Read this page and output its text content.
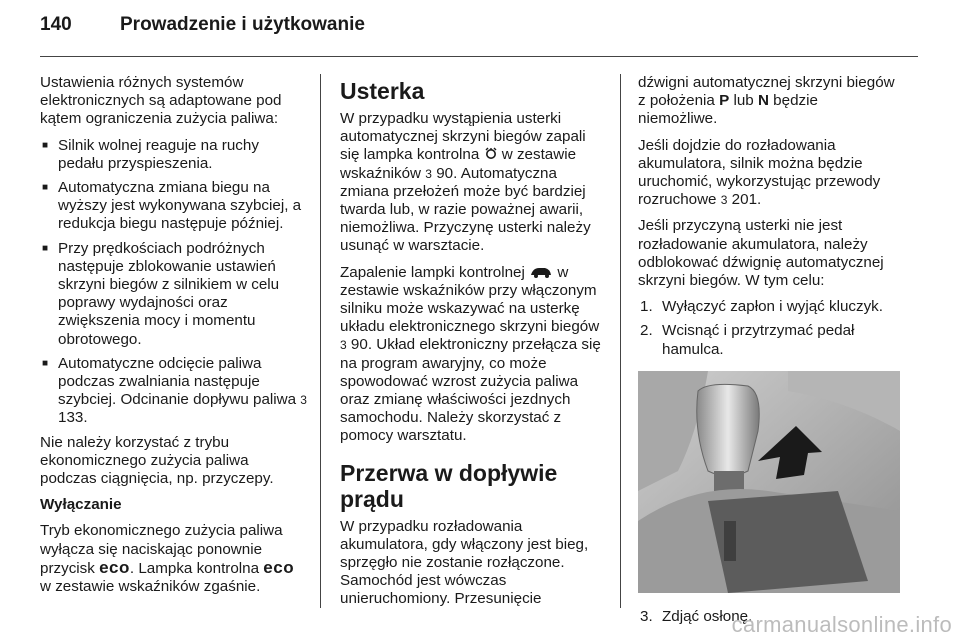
140	Prowadzenie i użytkowanie

Ustawienia różnych systemów elektronicznych są adaptowane pod kątem ograniczenia zużycia paliwa:

■ Silnik wolnej reaguje na ruchy pedału przyspieszenia.
■ Automatyczna zmiana biegu na wyższy jest wykonywana szybciej, a redukcja biegu następuje później.
■ Przy prędkościach podróżnych następuje zblokowanie ustawień skrzyni biegów z silnikiem w celu poprawy wydajności oraz zwiększenia mocy i momentu obrotowego.
■ Automatyczne odcięcie paliwa podczas zwalniania następuje szybciej. Odcinanie dopływu paliwa 3 133.

Nie należy korzystać z trybu ekonomicznego zużycia paliwa podczas ciągnięcia, np. przyczepy.

Wyłączanie

Tryb ekonomicznego zużycia paliwa wyłącza się naciskając ponownie przycisk eco. Lampka kontrolna eco w zestawie wskaźników zgaśnie.

Usterka

W przypadku wystąpienia usterki automatycznej skrzyni biegów zapali się lampka kontrolna w zestawie wskaźników 3 90. Automatyczna zmiana przełożeń może być bardziej twarda lub, w razie poważnej awarii, niemożliwa. Przyczynę usterki należy usunąć w warsztacie.

Zapalenie lampki kontrolnej w zestawie wskaźników przy włączonym silniku może wskazywać na usterkę układu elektronicznego skrzyni biegów 3 90. Układ elektroniczny przełącza się na program awaryjny, co może spowodować wzrost zużycia paliwa oraz zmianę właściwości jezdnych samochodu. Należy skorzystać z pomocy warsztatu.

Przerwa w dopływie prądu

W przypadku rozładowania akumulatora, gdy włączony jest bieg, sprzęgło nie zostanie rozłączone. Samochód jest wówczas unieruchomiony. Przesunięcie

dźwigni automatycznej skrzyni biegów z położenia P lub N będzie niemożliwe.

Jeśli dojdzie do rozładowania akumulatora, silnik można będzie uruchomić, wykorzystując przewody rozruchowe 3 201.

Jeśli przyczyną usterki nie jest rozładowanie akumulatora, należy odblokować dźwignię automatycznej skrzyni biegów. W tym celu:

1. Wyłączyć zapłon i wyjąć kluczyk.
2. Wcisnąć i przytrzymać pedał hamulca.
3. Zdjąć osłonę.
carmanualsonline.info
